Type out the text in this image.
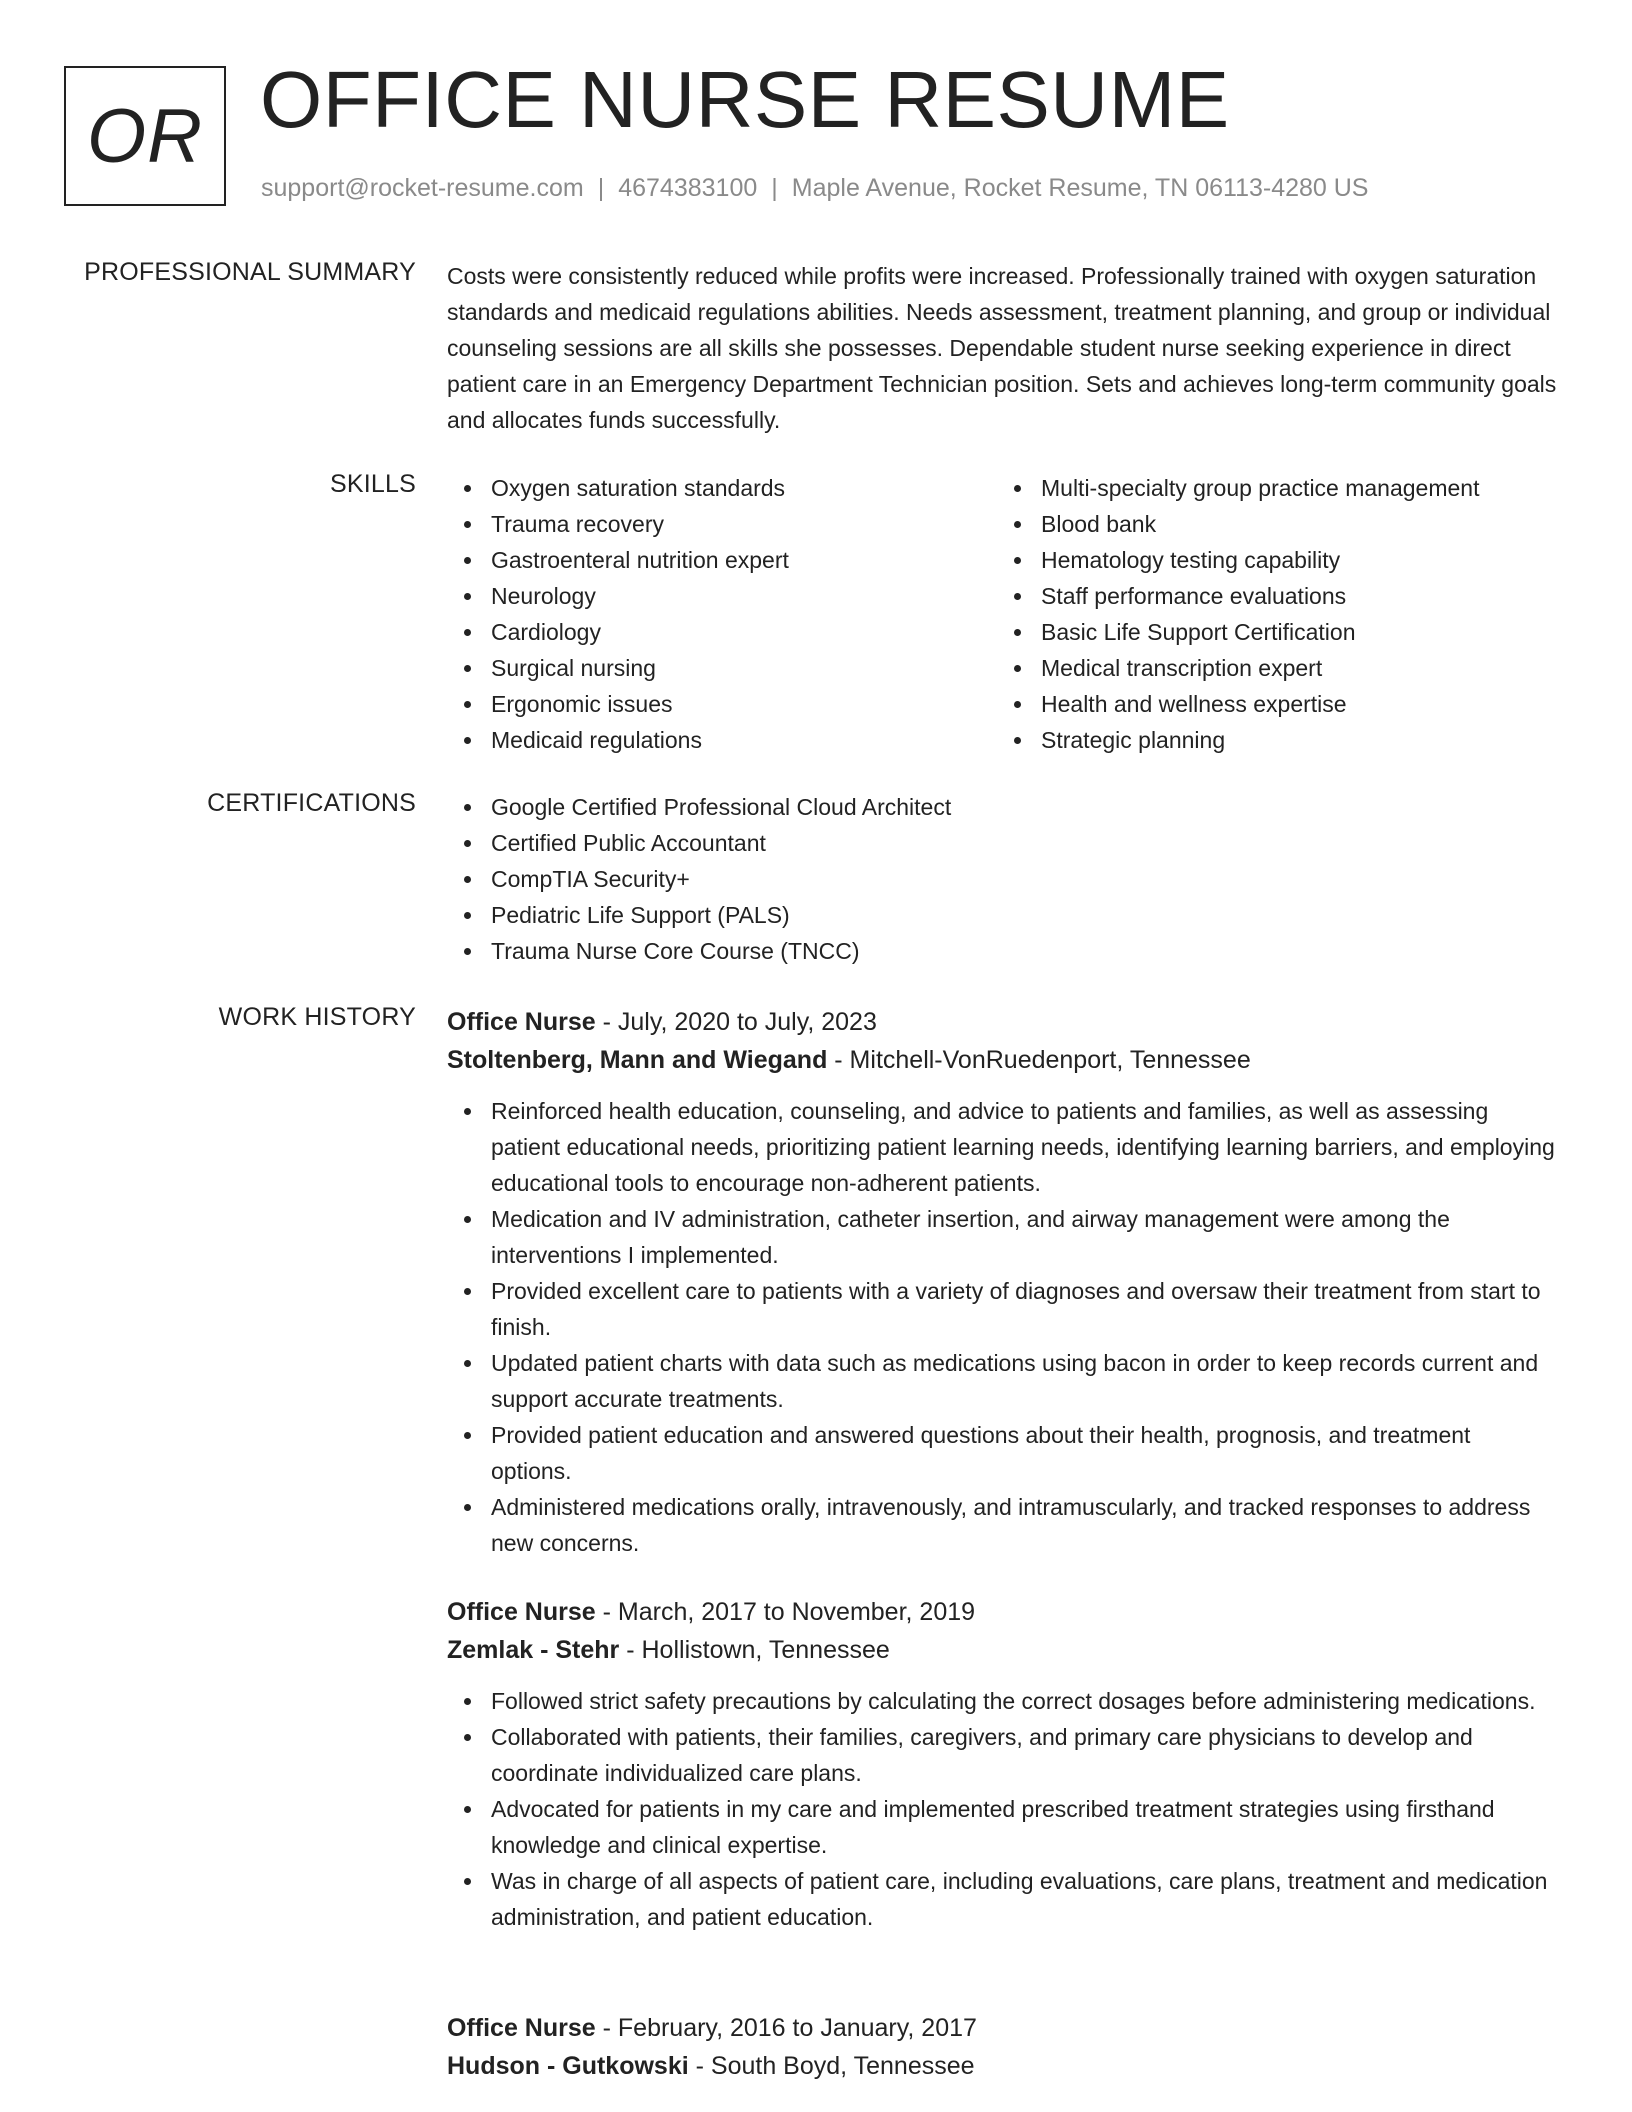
OR OFFICE NURSE RESUME
support@rocket-resume.com | 4674383100 | Maple Avenue, Rocket Resume, TN 06113-4280 US
PROFESSIONAL SUMMARY Costs were consistently reduced while profits were increased. Professionally trained with oxygen saturation standards and medicaid regulations abilities. Needs assessment, treatment planning, and group or individual counseling sessions are all skills she possesses. Dependable student nurse seeking experience in direct patient care in an Emergency Department Technician position. Sets and achieves long-term community goals and allocates funds successfully.

SKILLS	Oxygen saturation standards
Trauma recovery
Gastroenteral nutrition expert
Neurology
Cardiology
Surgical nursing
Ergonomic issues
Medicaid regulations
Multi-specialty group practice management
Blood bank
Hematology testing capability
Staff performance evaluations
Basic Life Support Certification
Medical transcription expert
Health and wellness expertise
Strategic planning
CERTIFICATIONS	Google Certified Professional Cloud Architect
Certified Public Accountant
CompTIA Security+
Pediatric Life Support (PALS)
Trauma Nurse Core Course (TNCC)
WORK HISTORY Office Nurse - July, 2020 to July, 2023
Stoltenberg, Mann and Wiegand - Mitchell-VonRuedenport, Tennessee
Reinforced health education, counseling, and advice to patients and families, as well as assessing patient educational needs, prioritizing patient learning needs, identifying learning barriers, and employing educational tools to encourage non-adherent patients.
Medication and IV administration, catheter insertion, and airway management were among the interventions I implemented.
Provided excellent care to patients with a variety of diagnoses and oversaw their treatment from start to finish.
Updated patient charts with data such as medications using bacon in order to keep records current and support accurate treatments.
Provided patient education and answered questions about their health, prognosis, and treatment options.
Administered medications orally, intravenously, and intramuscularly, and tracked responses to address new concerns.
Office Nurse - March, 2017 to November, 2019
Zemlak - Stehr - Hollistown, Tennessee
Followed strict safety precautions by calculating the correct dosages before administering medications.
Collaborated with patients, their families, caregivers, and primary care physicians to develop and coordinate individualized care plans.
Advocated for patients in my care and implemented prescribed treatment strategies using firsthand knowledge and clinical expertise.
Was in charge of all aspects of patient care, including evaluations, care plans, treatment and medication administration, and patient education.
Office Nurse - February, 2016 to January, 2017
Hudson - Gutkowski - South Boyd, Tennessee
